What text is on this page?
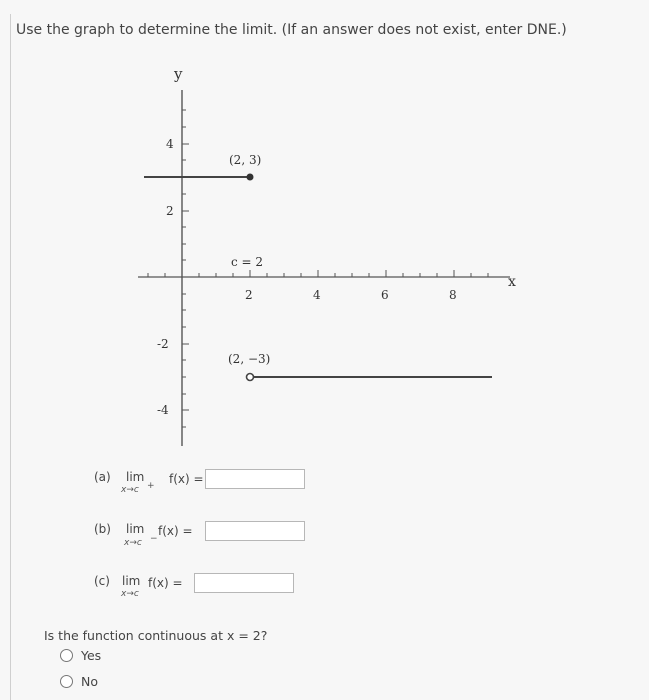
Use the graph to determine the limit. (If an answer does not exist, enter DNE.)
y
x
2	4	6	8
4
2
-2
-4
(2, 3)
(2, −3)
c = 2
(a) lim
x→c + f(x) =
(b) lim
x→c −
f(x) =
(c) lim
x→c
f(x) =
Is the function continuous at x = 2?
Yes
No
